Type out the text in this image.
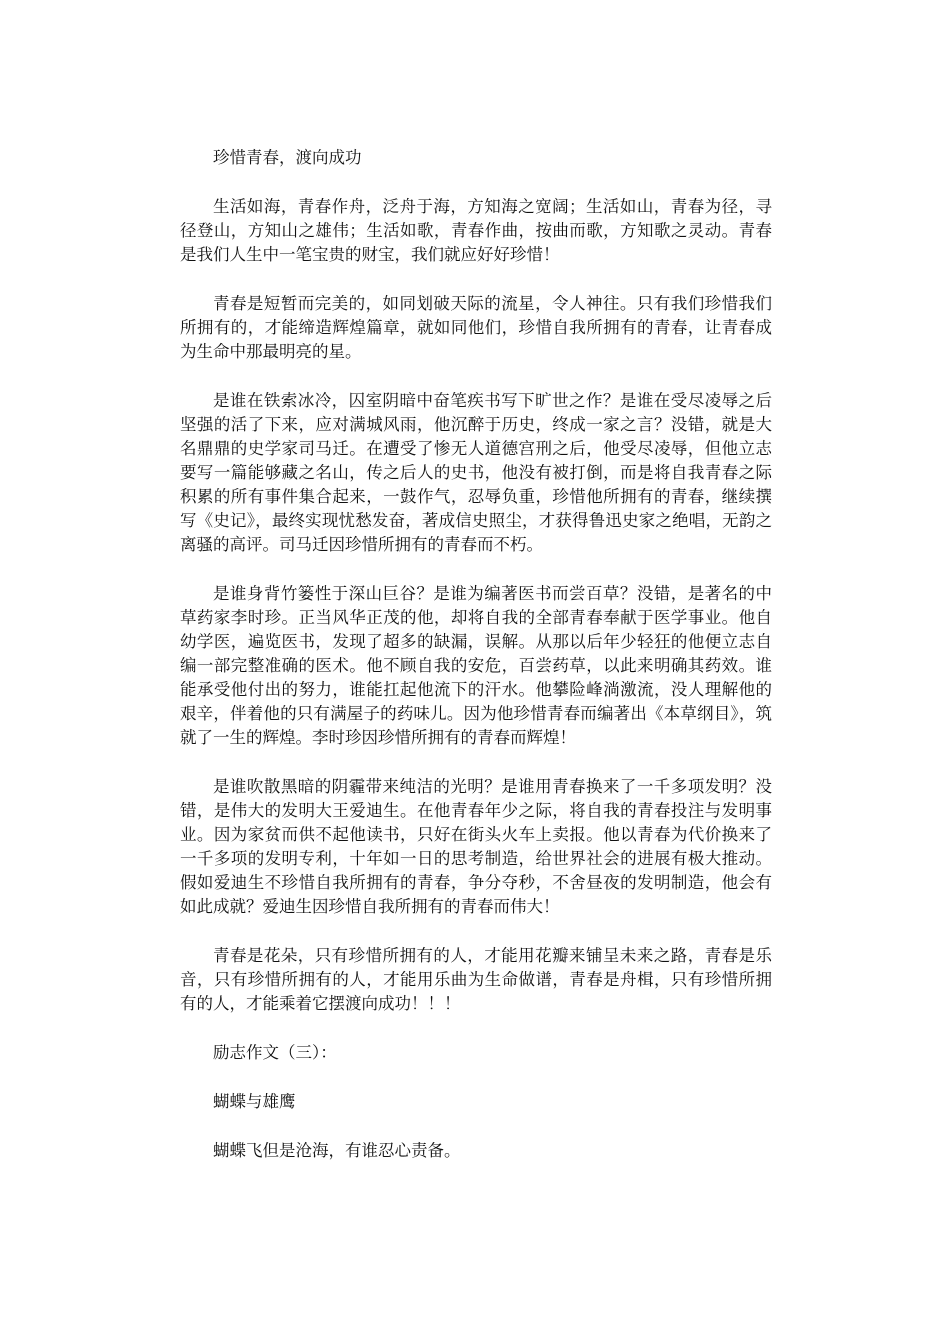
珍惜青春，渡向成功

生活如海，青春作舟，泛舟于海，方知海之宽阔；生活如山，青春为径，寻径登山，方知山之雄伟；生活如歌，青春作曲，按曲而歌，方知歌之灵动。青春是我们人生中一笔宝贵的财宝，我们就应好好珍惜！

青春是短暂而完美的，如同划破天际的流星，令人神往。只有我们珍惜我们所拥有的，才能缔造辉煌篇章，就如同他们，珍惜自我所拥有的青春，让青春成为生命中那最明亮的星。

是谁在铁索冰冷，囚室阴暗中奋笔疾书写下旷世之作？是谁在受尽凌辱之后坚强的活了下来，应对满城风雨，他沉醉于历史，终成一家之言？没错，就是大名鼎鼎的史学家司马迁。在遭受了惨无人道德宫刑之后，他受尽凌辱，但他立志要写一篇能够藏之名山，传之后人的史书，他没有被打倒，而是将自我青春之际积累的所有事件集合起来，一鼓作气，忍辱负重，珍惜他所拥有的青春，继续撰写《史记》，最终实现忧愁发奋，著成信史照尘，才获得鲁迅史家之绝唱，无韵之离骚的高评。司马迁因珍惜所拥有的青春而不朽。

是谁身背竹篓性于深山巨谷？是谁为编著医书而尝百草？没错，是著名的中草药家李时珍。正当风华正茂的他，却将自我的全部青春奉献于医学事业。他自幼学医，遍览医书，发现了超多的缺漏，误解。从那以后年少轻狂的他便立志自编一部完整准确的医术。他不顾自我的安危，百尝药草，以此来明确其药效。谁能承受他付出的努力，谁能扛起他流下的汗水。他攀险峰淌激流，没人理解他的艰辛，伴着他的只有满屋子的药味儿。因为他珍惜青春而编著出《本草纲目》，筑就了一生的辉煌。李时珍因珍惜所拥有的青春而辉煌！

是谁吹散黑暗的阴霾带来纯洁的光明？是谁用青春换来了一千多项发明？没错，是伟大的发明大王爱迪生。在他青春年少之际，将自我的青春投注与发明事业。因为家贫而供不起他读书，只好在街头火车上卖报。他以青春为代价换来了一千多项的发明专利，十年如一日的思考制造，给世界社会的进展有极大推动。假如爱迪生不珍惜自我所拥有的青春，争分夺秒，不舍昼夜的发明制造，他会有如此成就？爱迪生因珍惜自我所拥有的青春而伟大！

青春是花朵，只有珍惜所拥有的人，才能用花瓣来铺呈未来之路，青春是乐音，只有珍惜所拥有的人，才能用乐曲为生命做谱，青春是舟楫，只有珍惜所拥有的人，才能乘着它摆渡向成功！！！

励志作文（三）：

蝴蝶与雄鹰

蝴蝶飞但是沧海，有谁忍心责备。
